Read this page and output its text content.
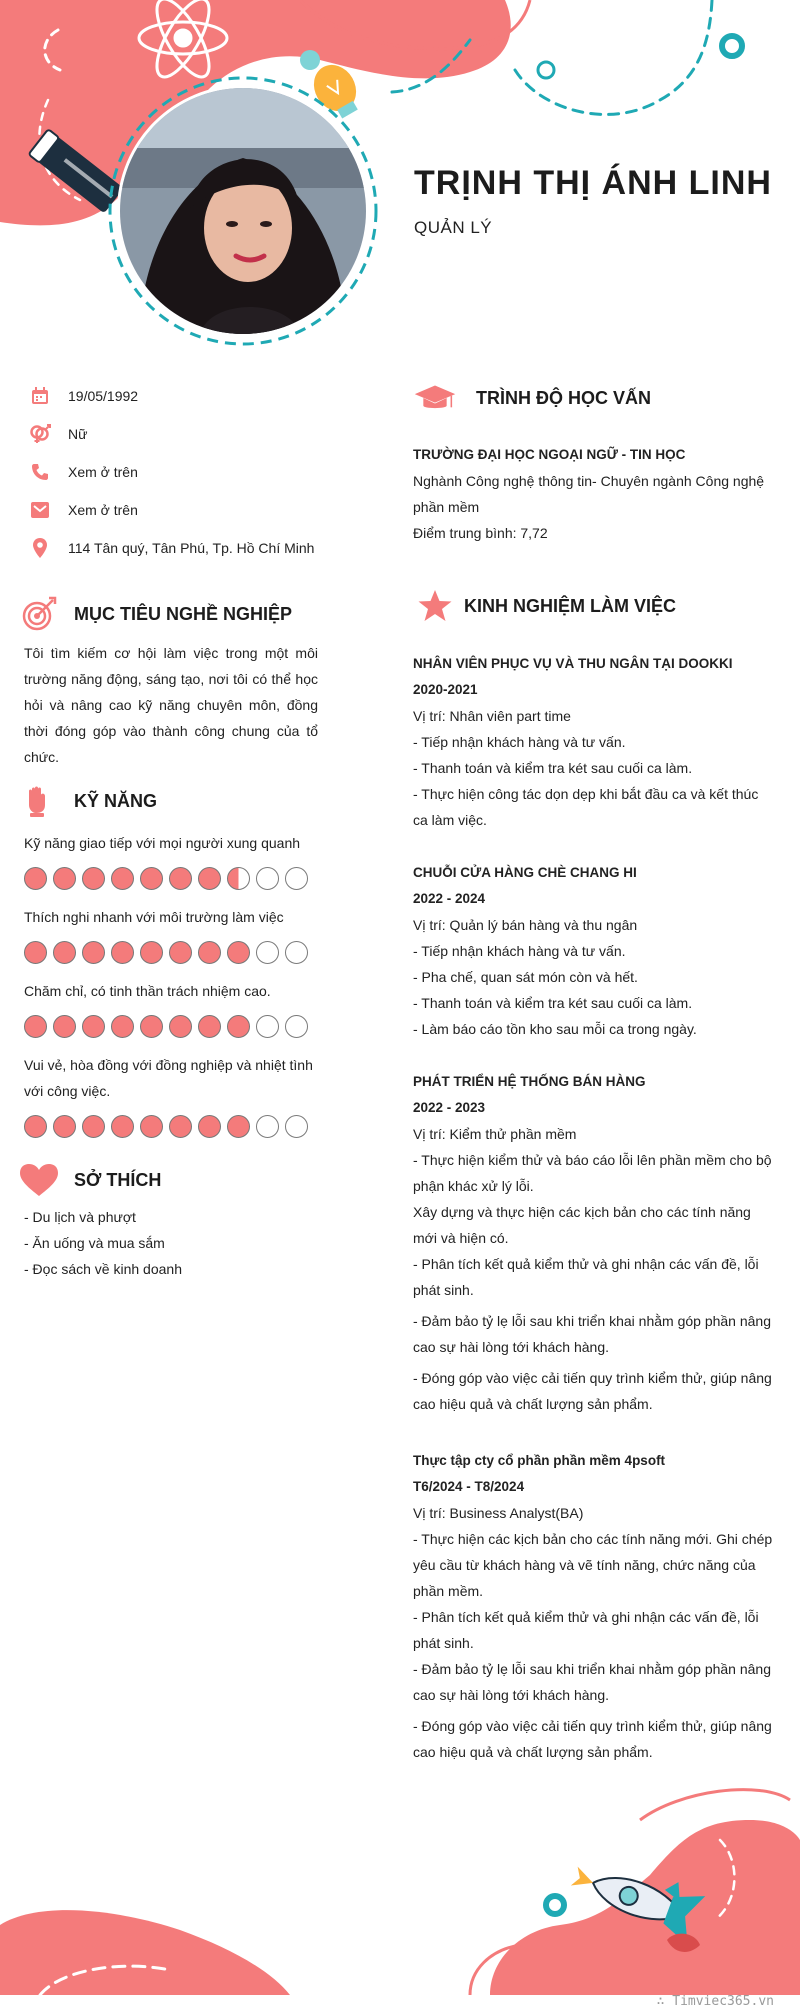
TRỊNH THỊ ÁNH LINH
QUẢN LÝ
19/05/1992
Nữ
Xem ở trên
Xem ở trên
114 Tân quý, Tân Phú, Tp. Hồ Chí Minh
MỤC TIÊU NGHỀ NGHIỆP
Tôi tìm kiếm cơ hội làm việc trong một môi trường năng động, sáng tạo, nơi tôi có thể học hỏi và nâng cao kỹ năng chuyên môn, đồng thời đóng góp vào thành công chung của tổ chức.
KỸ NĂNG
Kỹ năng giao tiếp với mọi người xung quanh
Thích nghi nhanh với môi trường làm việc
Chăm chỉ, có tinh thần trách nhiệm cao.
Vui vẻ, hòa đồng với đồng nghiệp và nhiệt tình với công việc.
SỞ THÍCH
- Du lịch và phượt
- Ăn uống và mua sắm
- Đọc sách về kinh doanh
TRÌNH ĐỘ HỌC VẤN
TRƯỜNG ĐẠI HỌC NGOẠI NGỮ - TIN HỌC
Nghành Công nghệ thông tin- Chuyên ngành Công nghệ phần mềm
Điểm trung bình: 7,72
KINH NGHIỆM LÀM VIỆC
NHÂN VIÊN PHỤC VỤ VÀ THU NGÂN TẠI DOOKKI
2020-2021
Vị trí: Nhân viên part time
- Tiếp nhận khách hàng và tư vấn.
- Thanh toán và kiểm tra két sau cuối ca làm.
- Thực hiện công tác dọn dẹp khi bắt đầu ca và kết thúc ca làm việc.
CHUỖI CỬA HÀNG CHÈ CHANG HI
2022 - 2024
Vị trí: Quản lý bán hàng và thu ngân
- Tiếp nhận khách hàng và tư vấn.
- Pha chế, quan sát món còn và hết.
- Thanh toán và kiểm tra két sau cuối ca làm.
- Làm báo cáo tồn kho sau mỗi ca trong ngày.
PHÁT TRIỂN HỆ THỐNG BÁN HÀNG
2022 - 2023
Vị trí: Kiểm thử phần mềm
- Thực hiện kiểm thử và báo cáo lỗi lên phần mềm cho bộ phận khác xử lý lỗi.
Xây dựng và thực hiện các kịch bản cho các tính năng mới và hiện có.
- Phân tích kết quả kiểm thử và ghi nhận các vấn đề, lỗi phát sinh.
- Đảm bảo tỷ lẹ lỗi sau khi triển khai nhằm góp phần nâng cao sự hài lòng tới khách hàng.
- Đóng góp vào việc cải tiến quy trình kiểm thử, giúp nâng cao hiệu quả và chất lượng sản phẩm.
Thực tập cty cổ phần phần mềm 4psoft
T6/2024 - T8/2024
Vị trí: Business Analyst(BA)
- Thực hiện các kịch bản cho các tính năng mới. Ghi chép yêu cầu từ khách hàng và vẽ tính năng, chức năng của phần mềm.
- Phân tích kết quả kiểm thử và ghi nhận các vấn đề, lỗi phát sinh.
- Đảm bảo tỷ lẹ lỗi sau khi triển khai nhằm góp phần nâng cao sự hài lòng tới khách hàng.
- Đóng góp vào việc cải tiến quy trình kiểm thử, giúp nâng cao hiệu quả và chất lượng sản phẩm.
∴ Timviec365.vn
